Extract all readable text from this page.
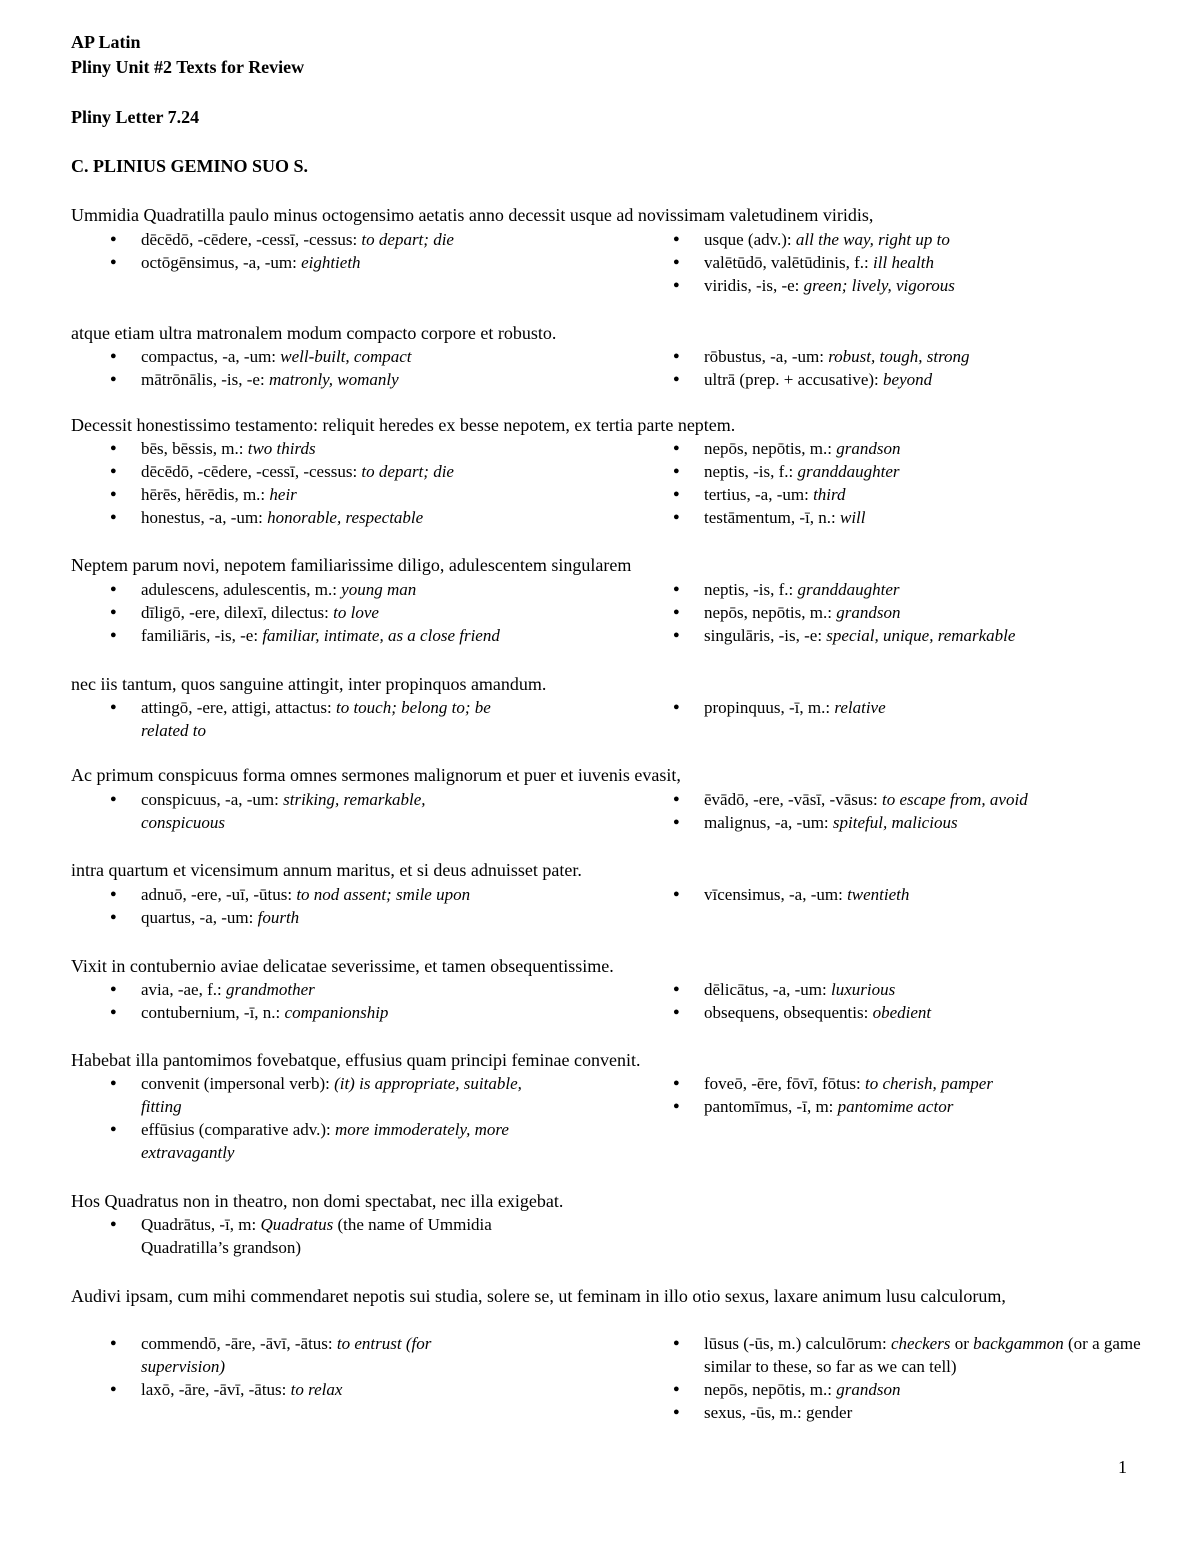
AP Latin

Pliny Unit #2 Texts for Review

Pliny Letter 7.24

C. PLINIUS GEMINO SUO S.

Ummidia Quadratilla paulo minus octogensimo aetatis anno decessit usque ad novissimam valetudinem viridis,

● dēcēdō, -cēdere, -cessī, -cessus: to depart; die
● octōgēnsimus, -a, -um: eightieth
● usque (adv.): all the way, right up to
● valētūdō, valētūdinis, f.: ill health
● viridis, -is, -e: green; lively, vigorous

atque etiam ultra matronalem modum compacto corpore et robusto.

● compactus, -a, -um: well-built, compact
● mātrōnālis, -is, -e: matronly, womanly
● rōbustus, -a, -um: robust, tough, strong
● ultrā (prep. + accusative): beyond

Decessit honestissimo testamento: reliquit heredes ex besse nepotem, ex tertia parte neptem.

● bēs, bēssis, m.: two thirds
● dēcēdō, -cēdere, -cessī, -cessus: to depart; die
● hērēs, hērēdis, m.: heir
● honestus, -a, -um: honorable, respectable
● nepōs, nepōtis, m.: grandson
● neptis, -is, f.: granddaughter
● tertius, -a, -um: third
● testāmentum, -ī, n.: will

Neptem parum novi, nepotem familiarissime diligo, adulescentem singularem

● adulescens, adulescentis, m.: young man
● dīligō, -ere, dilexī, dilectus: to love
● familiāris, -is, -e: familiar, intimate, as a close friend
● neptis, -is, f.: granddaughter
● nepōs, nepōtis, m.: grandson
● singulāris, -is, -e: special, unique, remarkable

nec iis tantum, quos sanguine attingit, inter propinquos amandum.

● attingō, -ere, attigi, attactus: to touch; belong to; be related to
● propinquus, -ī, m.: relative

Ac primum conspicuus forma omnes sermones malignorum et puer et iuvenis evasit,

● conspicuus, -a, -um: striking, remarkable, conspicuous
● ēvādō, -ere, -vāsī, -vāsus: to escape from, avoid
● malignus, -a, -um: spiteful, malicious

intra quartum et vicensimum annum maritus, et si deus adnuisset pater.

● adnuō, -ere, -uī, -ūtus: to nod assent; smile upon
● quartus, -a, -um: fourth
● vīcensimus, -a, -um: twentieth

Vixit in contubernio aviae delicatae severissime, et tamen obsequentissime.

● avia, -ae, f.: grandmother
● contubernium, -ī, n.: companionship
● dēlicātus, -a, -um: luxurious
● obsequens, obsequentis: obedient

Habebat illa pantomimos fovebatque, effusius quam principi feminae convenit.

● convenit (impersonal verb): (it) is appropriate, suitable, fitting
● effūsius (comparative adv.): more immoderately, more extravagantly
● foveō, -ēre, fōvī, fōtus: to cherish, pamper
● pantomīmus, -ī, m: pantomime actor

Hos Quadratus non in theatro, non domi spectabat, nec illa exigebat.

● Quadrātus, -ī, m: Quadratus (the name of Ummidia Quadratilla’s grandson)

Audivi ipsam, cum mihi commendaret nepotis sui studia, solere se, ut feminam in illo otio sexus, laxare animum lusu calculorum,

● commendō, -āre, -āvī, -ātus: to entrust (for supervision)
● laxō, -āre, -āvī, -ātus: to relax
● lūsus (-ūs, m.) calculōrum: checkers or backgammon (or a game similar to these, so far as we can tell)
● nepōs, nepōtis, m.: grandson
● sexus, -ūs, m.: gender
1
